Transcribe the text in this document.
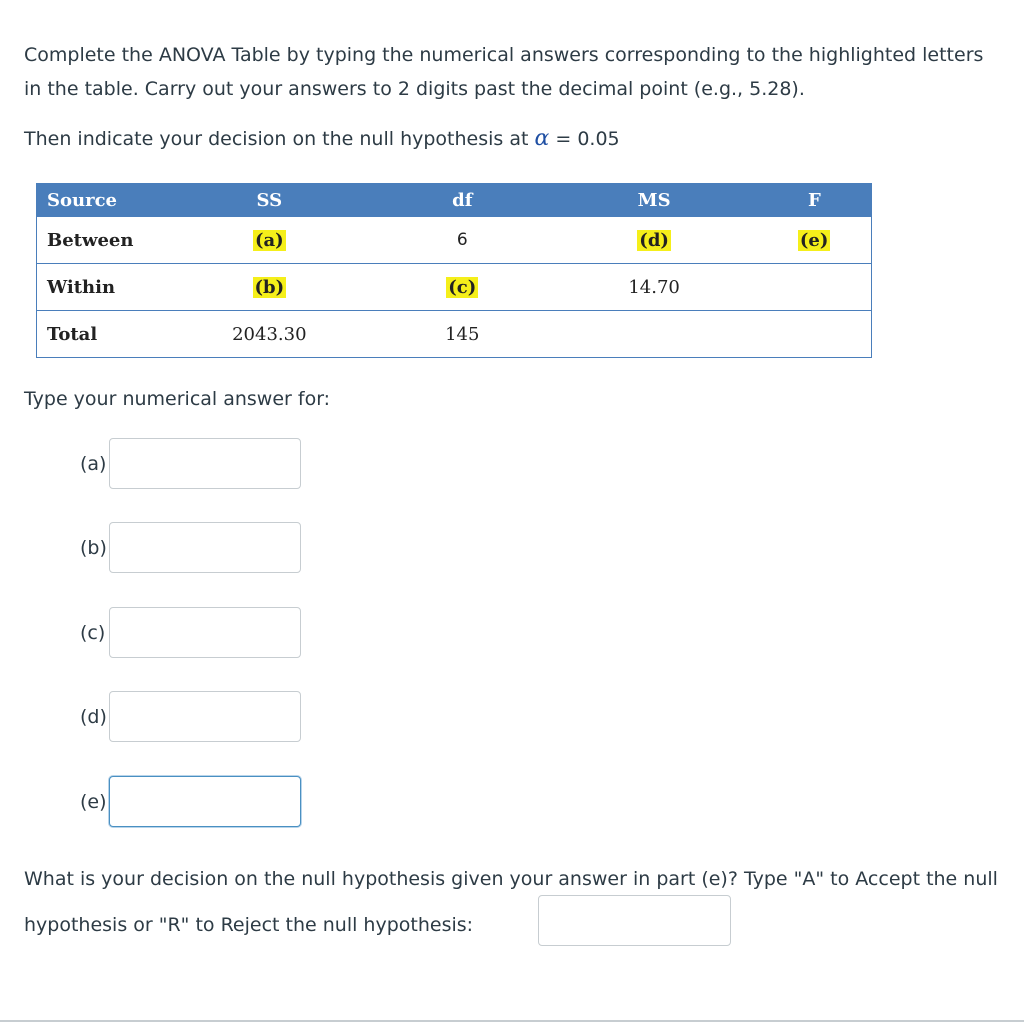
Complete the ANOVA Table by typing the numerical answers corresponding to the highlighted letters in the table. Carry out your answers to 2 digits past the decimal point (e.g., 5.28).

Then indicate your decision on the null hypothesis at α = 0.05

Source	SS	df	MS	F
Between	(a)	6	(d)	(e)
Within	(b)	(c)	14.70	
Total	2043.30	145		

Type your numerical answer for:

(a)
(b)
(c)
(d)
(e)

What is your decision on the null hypothesis given your answer in part (e)? Type "A" to Accept the null hypothesis or "R" to Reject the null hypothesis:
